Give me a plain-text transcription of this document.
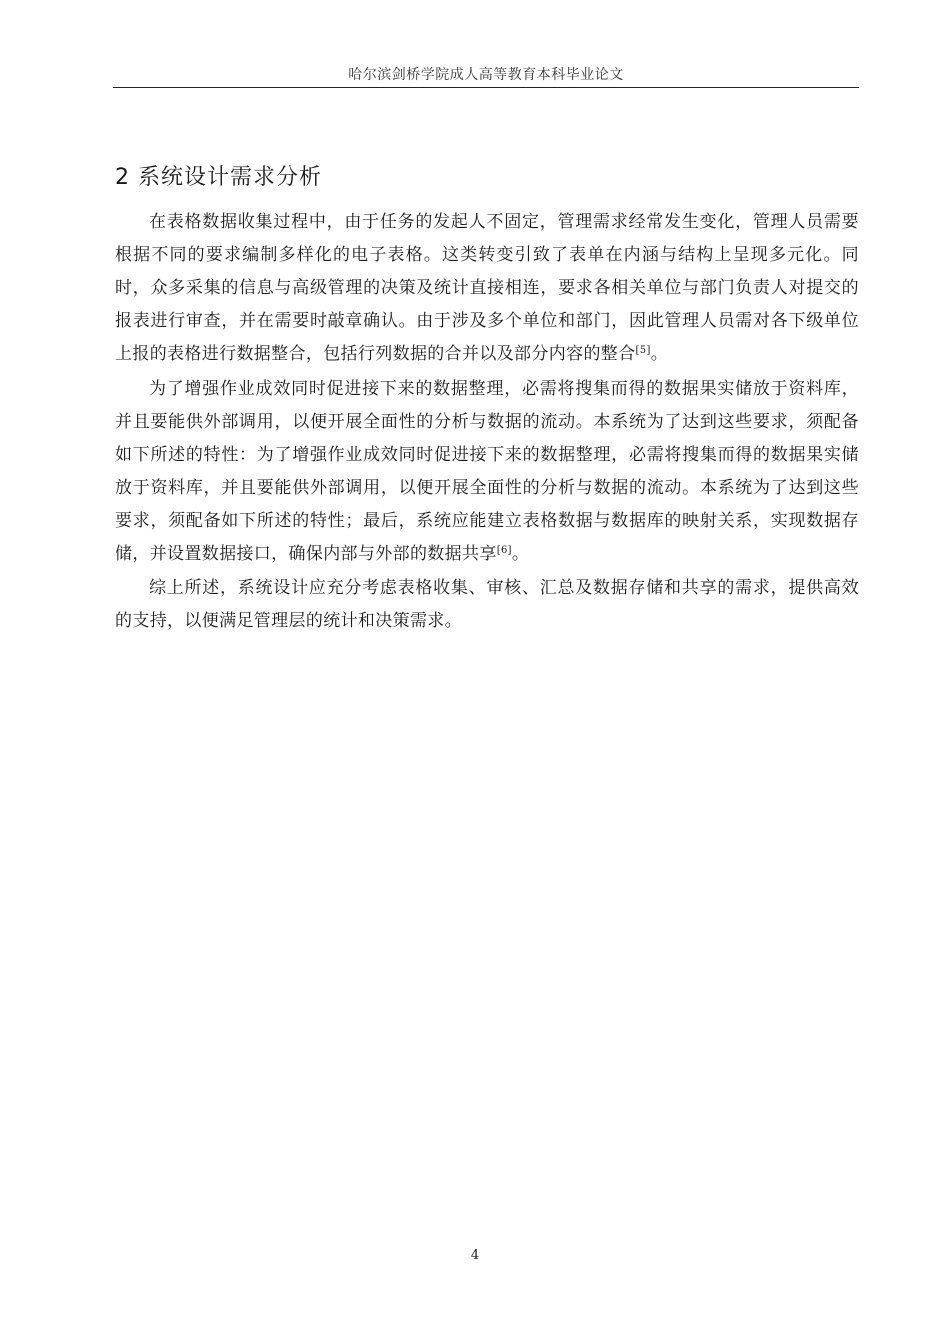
哈尔滨剑桥学院成人高等教育本科毕业论文
2 系统设计需求分析

在表格数据收集过程中，由于任务的发起人不固定，管理需求经常发生变化，管理人员需要根据不同的要求编制多样化的电子表格。这类转变引致了表单在内涵与结构上呈现多元化。同时，众多采集的信息与高级管理的决策及统计直接相连，要求各相关单位与部门负责人对提交的报表进行审查，并在需要时敲章确认。由于涉及多个单位和部门，因此管理人员需对各下级单位上报的表格进行数据整合，包括行列数据的合并以及部分内容的整合[5]。

为了增强作业成效同时促进接下来的数据整理，必需将搜集而得的数据果实储放于资料库，并且要能供外部调用，以便开展全面性的分析与数据的流动。本系统为了达到这些要求，须配备如下所述的特性：为了增强作业成效同时促进接下来的数据整理，必需将搜集而得的数据果实储放于资料库，并且要能供外部调用，以便开展全面性的分析与数据的流动。本系统为了达到这些要求，须配备如下所述的特性；最后，系统应能建立表格数据与数据库的映射关系，实现数据存储，并设置数据接口，确保内部与外部的数据共享[6]。

综上所述，系统设计应充分考虑表格收集、审核、汇总及数据存储和共享的需求，提供高效的支持，以便满足管理层的统计和决策需求。

4
